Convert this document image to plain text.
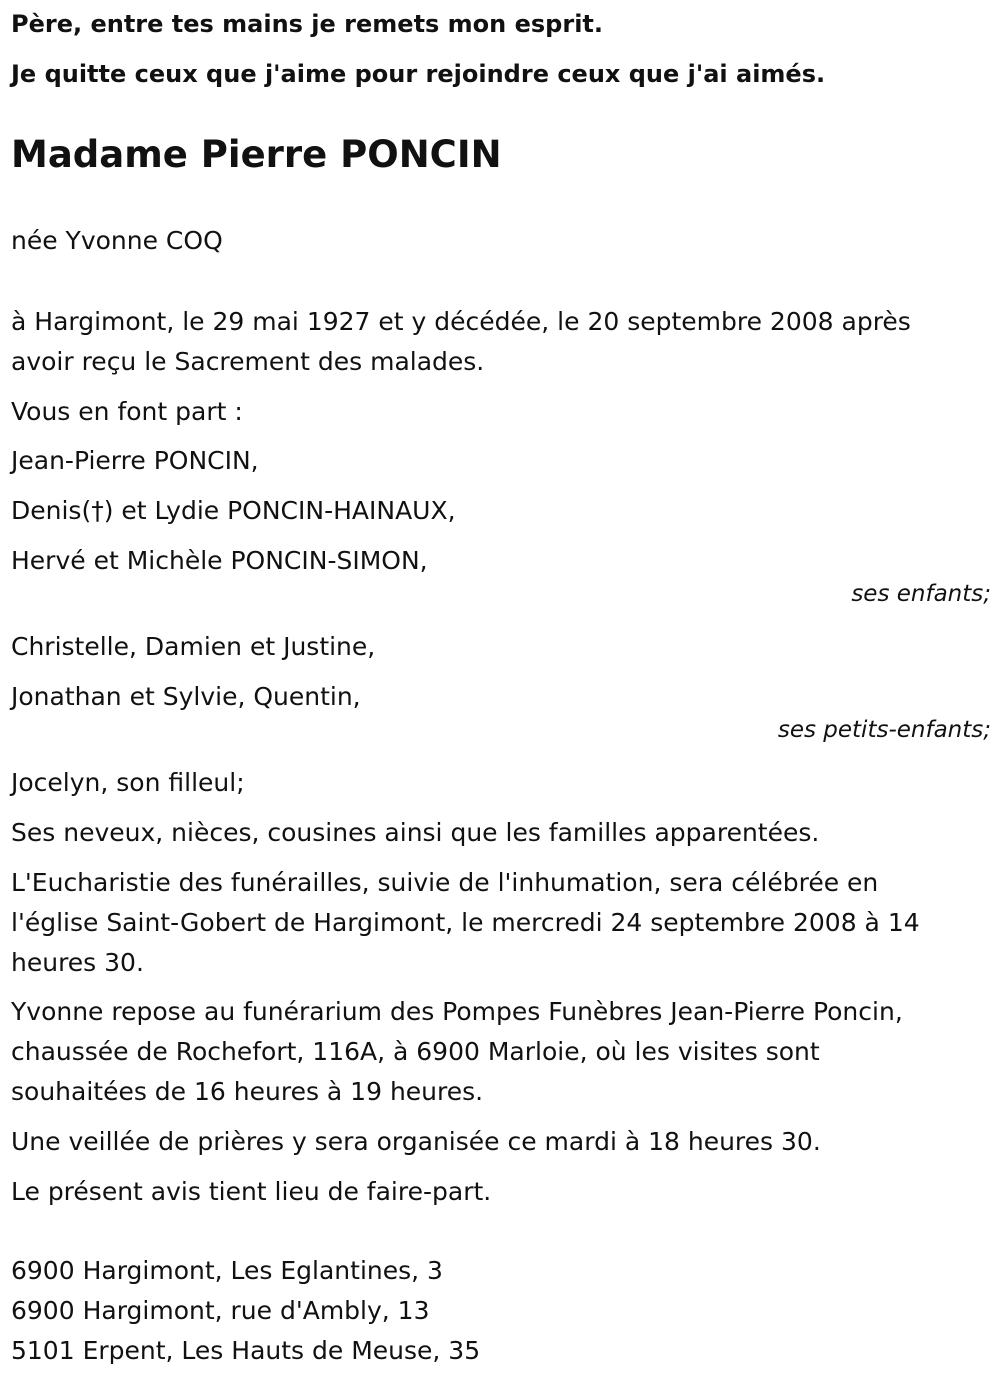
Père, entre tes mains je remets mon esprit.
Je quitte ceux que j'aime pour rejoindre ceux que j'ai aimés.
Madame Pierre PONCIN
née Yvonne COQ
à Hargimont, le 29 mai 1927 et y décédée, le 20 septembre 2008 après
avoir reçu le Sacrement des malades.
Vous en font part :
Jean-Pierre PONCIN,
Denis(†) et Lydie PONCIN-HAINAUX,
Hervé et Michèle PONCIN-SIMON,
ses enfants;
Christelle, Damien et Justine,
Jonathan et Sylvie, Quentin,
ses petits-enfants;
Jocelyn, son filleul;
Ses neveux, nièces, cousines ainsi que les familles apparentées.
L'Eucharistie des funérailles, suivie de l'inhumation, sera célébrée en
l'église Saint-Gobert de Hargimont, le mercredi 24 septembre 2008 à 14
heures 30.
Yvonne repose au funérarium des Pompes Funèbres Jean-Pierre Poncin,
chaussée de Rochefort, 116A, à 6900 Marloie, où les visites sont
souhaitées de 16 heures à 19 heures.
Une veillée de prières y sera organisée ce mardi à 18 heures 30.
Le présent avis tient lieu de faire-part.
6900 Hargimont, Les Eglantines, 3
6900 Hargimont, rue d'Ambly, 13
5101 Erpent, Les Hauts de Meuse, 35
